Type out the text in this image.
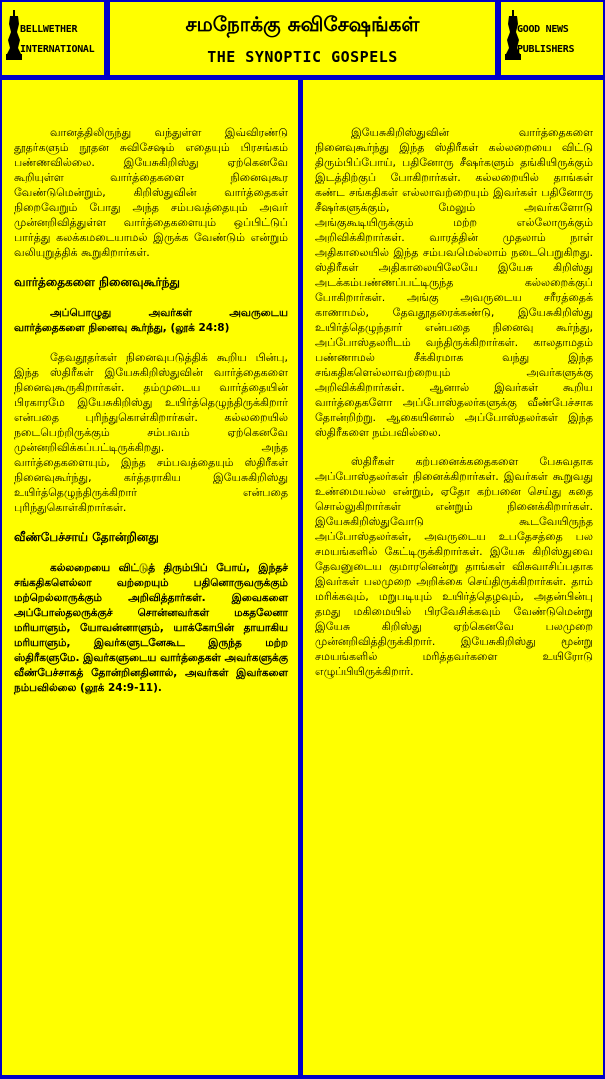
BELLWETHER
INTERNATIONAL
சமநோக்கு சுவிசேஷங்கள்
THE SYNOPTIC GOSPELS
GOOD NEWS
PUBLISHERS

வானத்திலிருந்து வந்துள்ள இவ்விரண்டு தூதர்களும் நூதன சுவிசேஷம் எதையும் பிரசங்கம் பண்ணவில்லை. இயேசுகிறிஸ்து ஏற்கெனவே கூறியுள்ள வார்த்தைகளை நினைவுகூர வேண்டுமென்றும், கிறிஸ்துவின் வார்த்தைகள் நிறைவேறும் போது அந்த சம்பவத்தையும் அவர் முன்னறிவித்துள்ள வார்த்தைகளையும் ஒப்பிட்டுப் பார்த்து கலக்கமடையாமல் இருக்க வேண்டும் என்றும் வலியுறுத்திக் கூறுகிறார்கள்.

வார்த்தைகளை நினைவுகூர்ந்து

அப்பொழுது அவர்கள் அவருடைய வார்த்தைகளை நினைவு கூர்ந்து, (லூக் 24:8)

தேவதூதர்கள் நினைவுபடுத்திக் கூறிய பின்பு, இந்த ஸ்திரீகள் இயேசுகிறிஸ்துவின் வார்த்தைகளை நினைவுகூருகிறார்கள். தம்முடைய வார்த்தையின் பிரகாரமே இயேசுகிறிஸ்து உயிர்த்தெழுந்திருக்கிறார் என்பதை புரிந்துகொள்கிறார்கள். கல்லறையில் நடைபெற்றிருக்கும் சம்பவம் ஏற்கெனவே முன்னறிவிக்கப்பட்டிருக்கிறது. அந்த வார்த்தைகளையும், இந்த சம்பவத்தையும் ஸ்திரீகள் நினைவுகூர்ந்து, கர்த்தராகிய இயேசுகிறிஸ்து உயிர்த்தெழுந்திருக்கிறார் என்பதை புரிந்துகொள்கிறார்கள்.

வீண்பேச்சாய் தோன்றினது

கல்லறையை விட்டுத் திரும்பிப் போய், இந்தச் சங்கதிகளெல்லா வற்றையும் பதினொருவருக்கும் மற்றெல்லாருக்கும் அறிவித்தார்கள். இவைகளை அப்போஸ்தலருக்குச் சொன்னவர்கள் மகதலேனா மரியாளும், யோவன்னாளும், யாக்கோபின் தாயாகிய மரியாளும், இவர்களுடனேகூட இருந்த மற்ற ஸ்திரீகளுமே. இவர்களுடைய வார்த்தைகள் அவர்களுக்கு வீண்பேச்சாகத் தோன்றினதினால், அவர்கள் இவர்களை நம்பவில்லை (லூக் 24:9-11).

இயேசுகிறிஸ்துவின் வார்த்தைகளை நினைவுகூர்ந்து இந்த ஸ்திரீகள் கல்லறையை விட்டு திரும்பிப்போய், பதினோரு சீஷர்களும் தங்கியிருக்கும் இடத்திற்குப் போகிறார்கள். கல்லறையில் தாங்கள் கண்ட சங்கதிகள் எல்லாவற்றையும் இவர்கள் பதினோரு சீஷர்களுக்கும், மேலும் அவர்களோடு அங்குகூடியிருக்கும் மற்ற எல்லோருக்கும் அறிவிக்கிறார்கள். வாரத்தின் முதலாம் நாள் அதிகாலையில் இந்த சம்பவமெல்லாம் நடைபெறுகிறது. ஸ்திரீகள் அதிகாலையிலேயே இயேசு கிறிஸ்து அடக்கம்பண்ணப்பட்டிருந்த கல்லறைக்குப் போகிறார்கள். அங்கு அவருடைய சரீரத்தைக் காணாமல், தேவதூதரைக்கண்டு, இயேசுகிறிஸ்து உயிர்த்தெழுந்தார் என்பதை நினைவு கூர்ந்து, அப்போஸ்தலரிடம் வந்திருக்கிறார்கள். காலதாமதம் பண்ணாமல் சீக்கிரமாக வந்து இந்த சங்கதிகளெல்லாவற்றையும் அவர்களுக்கு அறிவிக்கிறார்கள். ஆனால் இவர்கள் கூறிய வார்த்தைகளோ அப்போஸ்தலர்களுக்கு வீண்பேச்சாக தோன்றிற்று. ஆகையினால் அப்போஸ்தலர்கள் இந்த ஸ்திரீகளை நம்பவில்லை.

ஸ்திரீகள் கற்பனைக்கதைகளை பேசுவதாக அப்போஸ்தலர்கள் நினைக்கிறார்கள். இவர்கள் கூறுவது உண்மையல்ல என்றும், ஏதோ கற்பனை செய்து கதை சொல்லுகிறார்கள் என்றும் நினைக்கிறார்கள். இயேசுகிறிஸ்துவோடு கூடவேயிருந்த அப்போஸ்தலர்கள், அவருடைய உபதேசத்தை பல சமயங்களில் கேட்டிருக்கிறார்கள். இயேசு கிறிஸ்துவை தேவனுடைய குமாரனென்று தாங்கள் விசுவாசிப்பதாக இவர்கள் பலமுறை அறிக்கை செய்திருக்கிறார்கள். தாம் மரிக்கவும், மறுபடியும் உயிர்த்தெழவும், அதன்பின்பு தமது மகிமையில் பிரவேசிக்கவும் வேண்டுமென்று இயேசு கிறிஸ்து ஏற்கெனவே பலமுறை முன்னறிவித்திருக்கிறார். இயேசுகிறிஸ்து மூன்று சமயங்களில் மரித்தவர்களை உயிரோடு எழுப்பியிருக்கிறார்.
